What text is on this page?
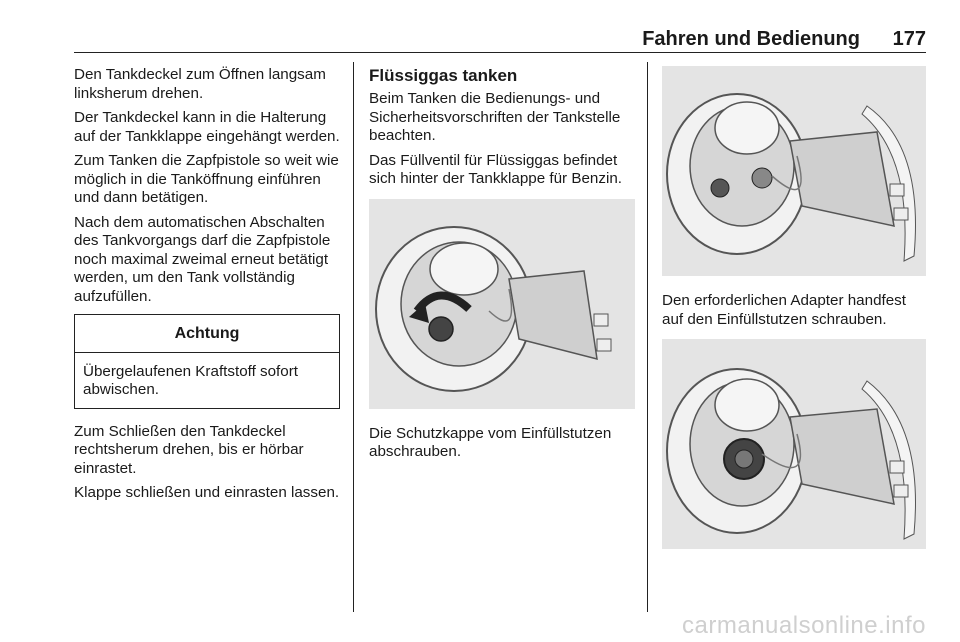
Fahren und Bedienung	177

Den Tankdeckel zum Öffnen langsam linksherum drehen.

Der Tankdeckel kann in die Halterung auf der Tankklappe eingehängt werden.

Zum Tanken die Zapfpistole so weit wie möglich in die Tanköffnung einführen und dann betätigen.

Nach dem automatischen Abschalten des Tankvorgangs darf die Zapfpistole noch maximal zweimal erneut betätigt werden, um den Tank vollständig aufzufüllen.

Achtung
Übergelaufenen Kraftstoff sofort abwischen.

Zum Schließen den Tankdeckel rechtsherum drehen, bis er hörbar einrastet.

Klappe schließen und einrasten lassen.

Flüssiggas tanken

Beim Tanken die Bedienungs- und Sicherheitsvorschriften der Tankstelle beachten.

Das Füllventil für Flüssiggas befindet sich hinter der Tankklappe für Benzin.

Die Schutzkappe vom Einfüllstutzen abschrauben.

Den erforderlichen Adapter handfest auf den Einfüllstutzen schrauben.

carmanualsonline.info
